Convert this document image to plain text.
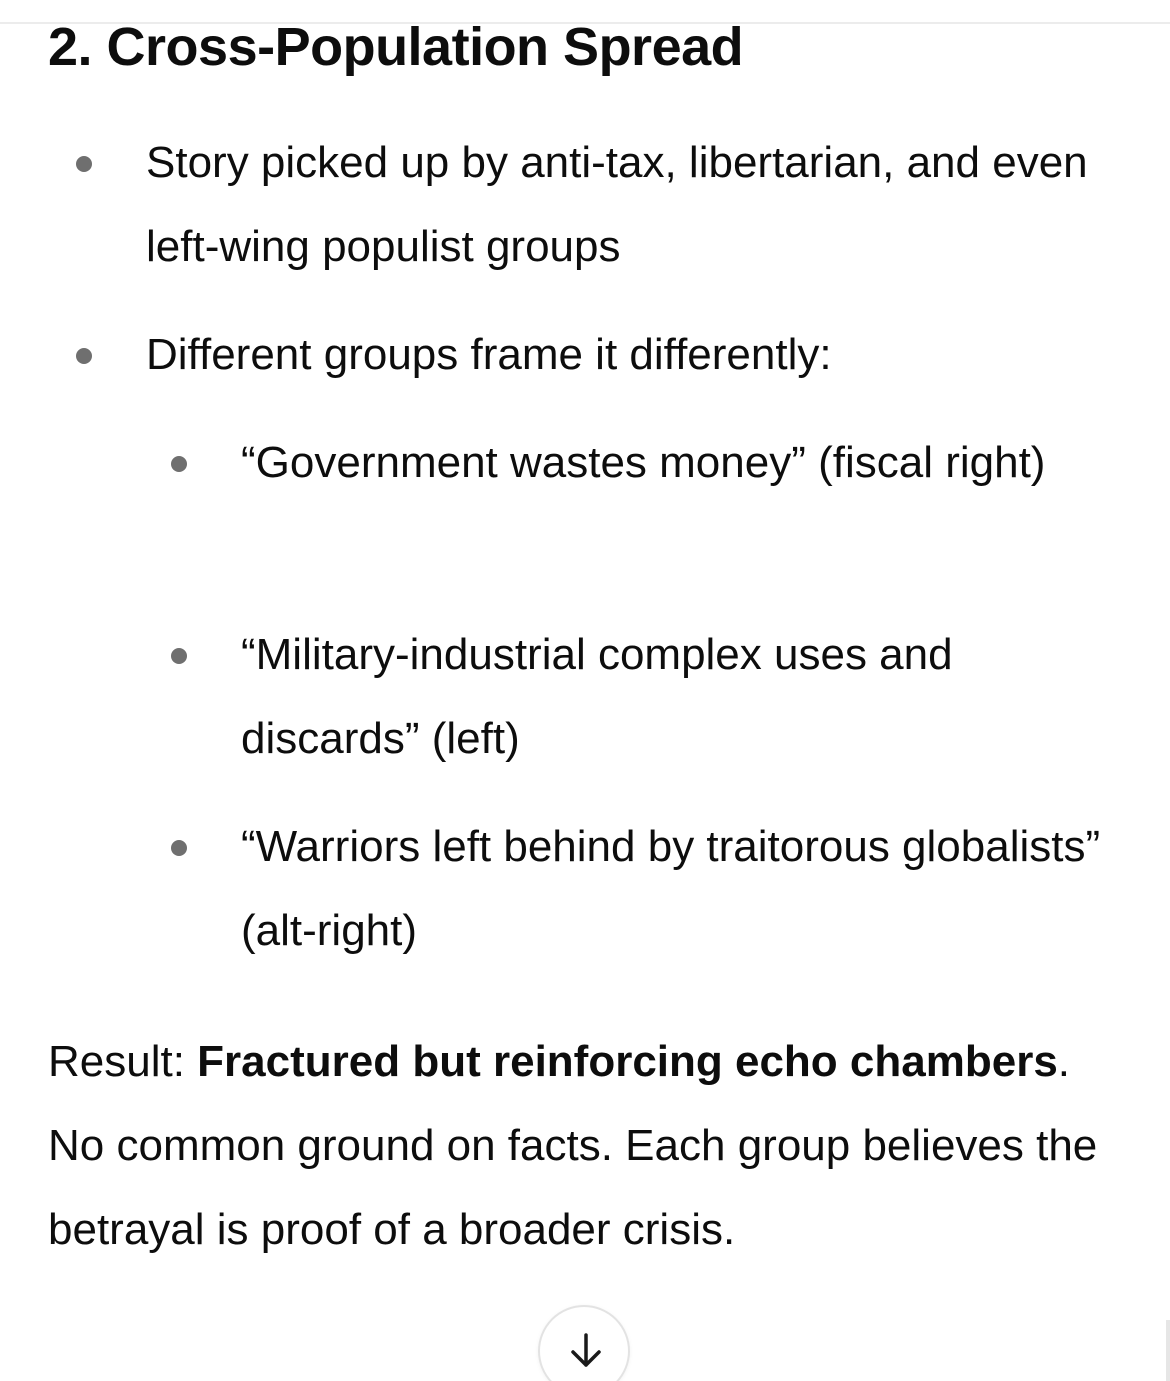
2. Cross-Population Spread

Story picked up by anti-tax, libertarian, and even left-wing populist groups

Different groups frame it differently:

“Government wastes money” (fiscal right)

“Military-industrial complex uses and discards” (left)

“Warriors left behind by traitorous globalists” (alt-right)

Result: Fractured but reinforcing echo chambers. No common ground on facts. Each group believes the betrayal is proof of a broader crisis.
